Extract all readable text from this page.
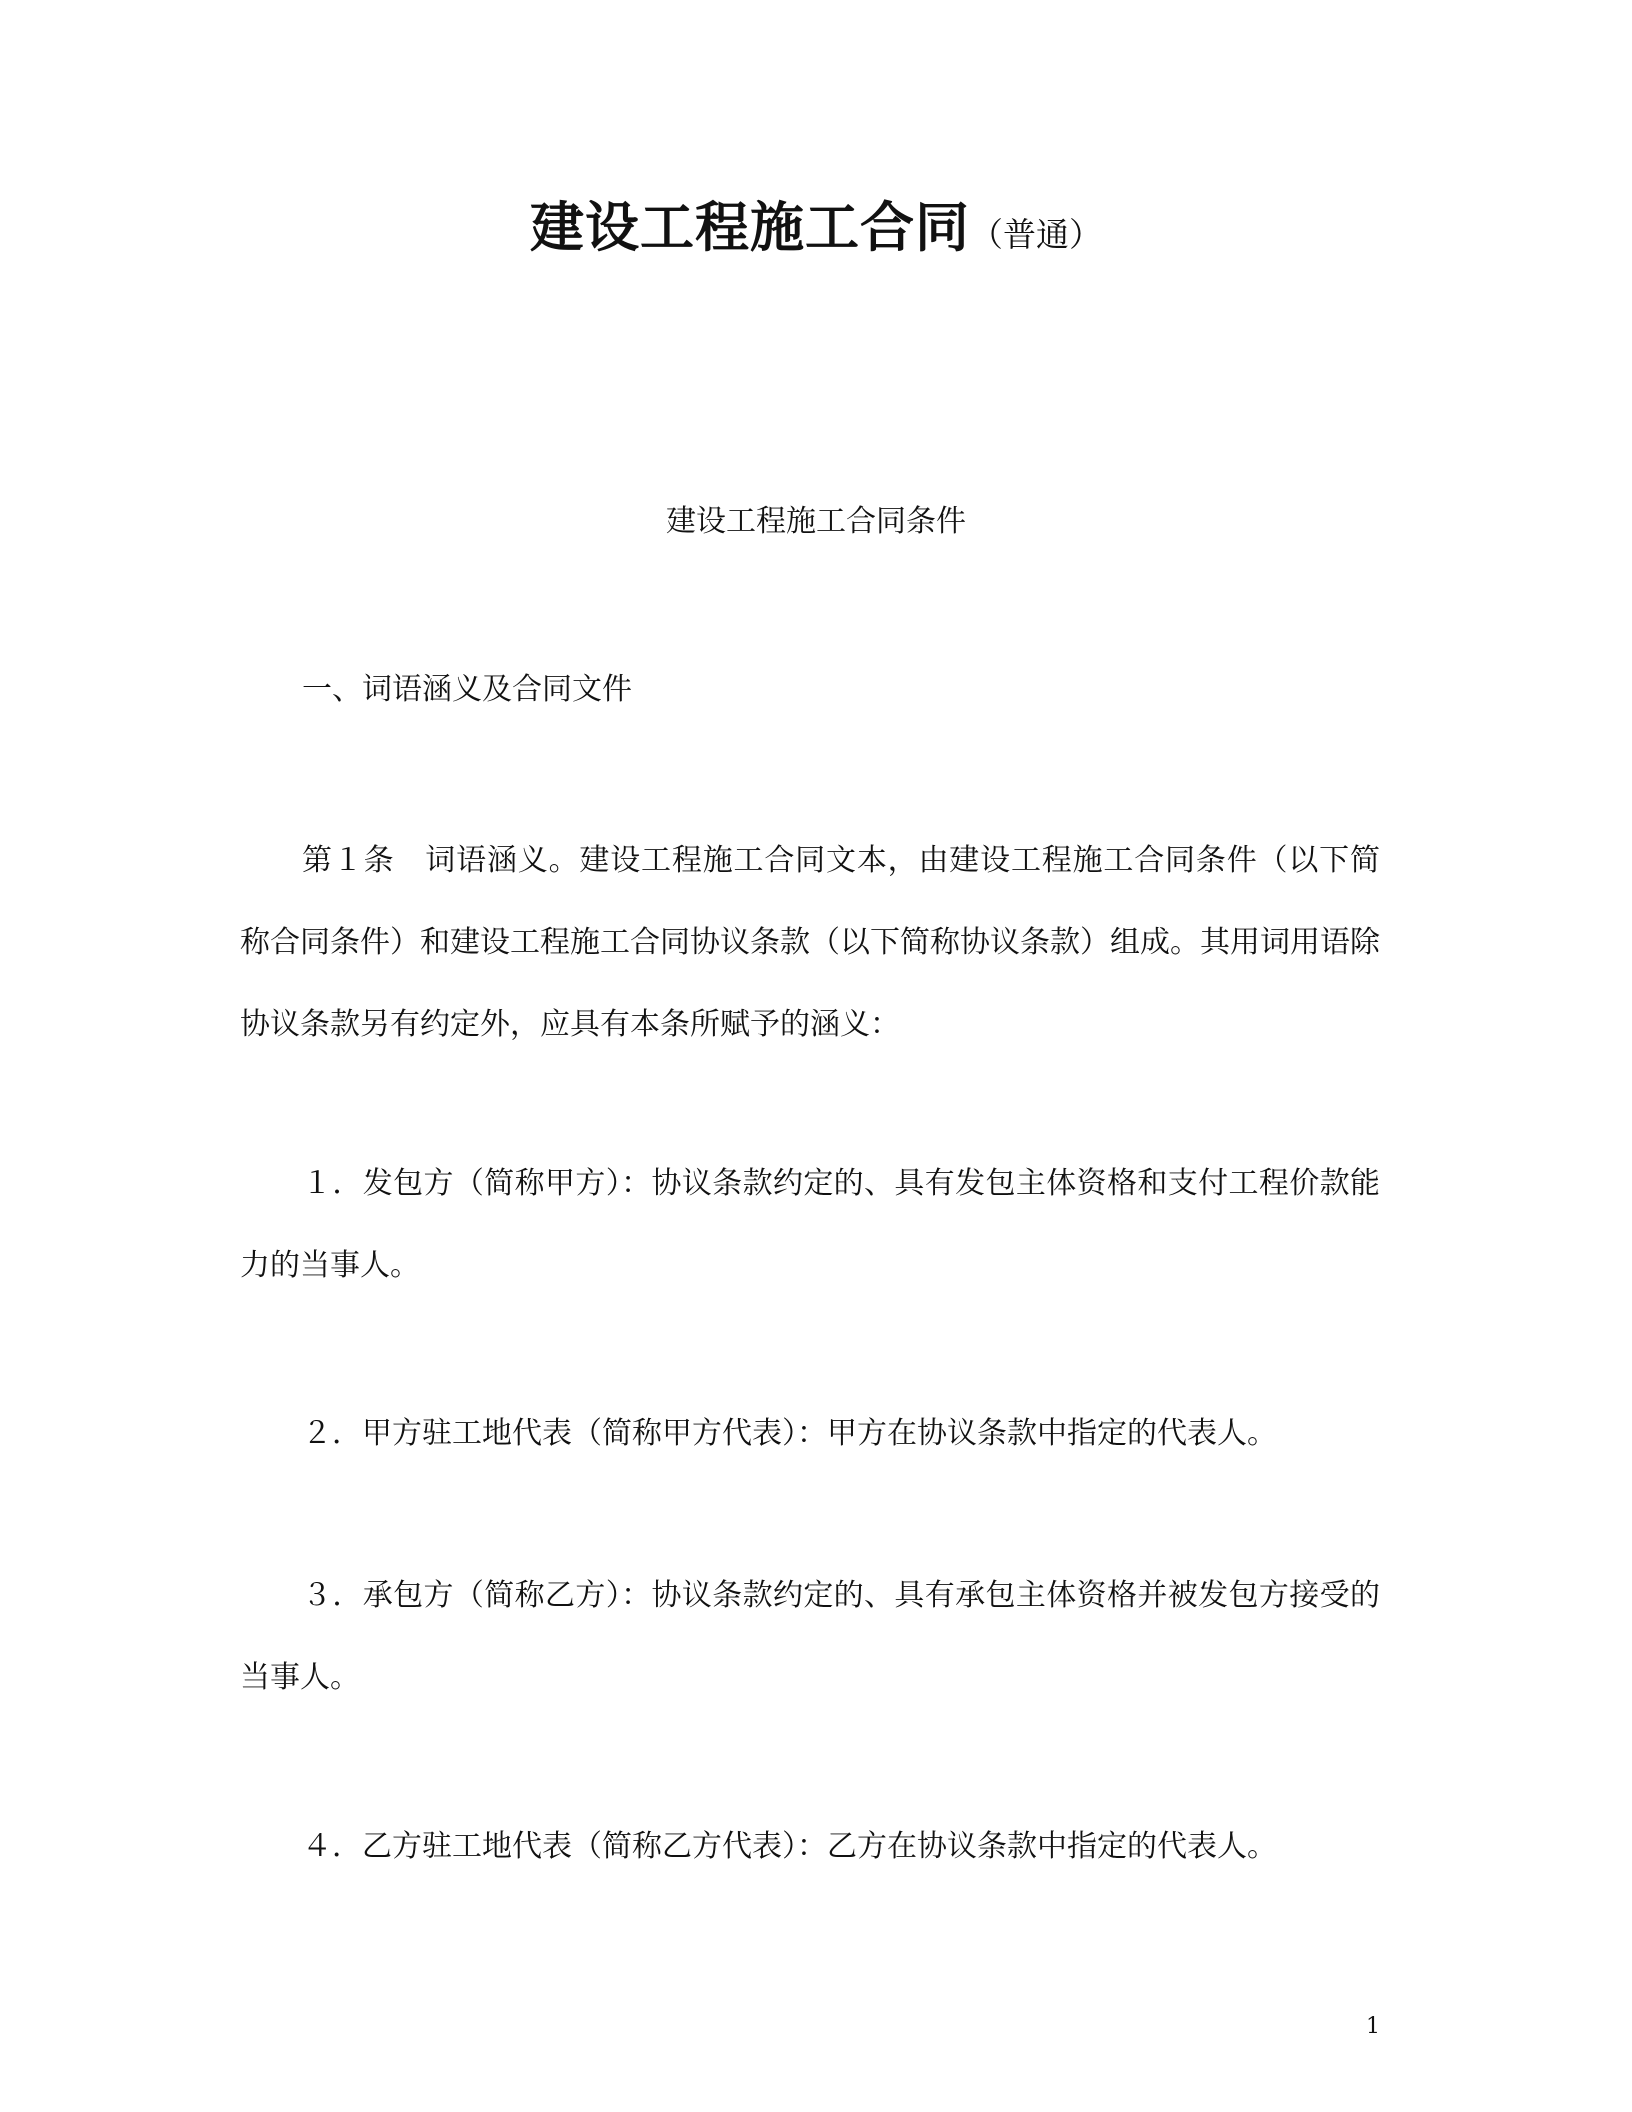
建设工程施工合同（普通）
建设工程施工合同条件
一、词语涵义及合同文件

第１条　词语涵义。建设工程施工合同文本，由建设工程施工合同条件（以下简称合同条件）和建设工程施工合同协议条款（以下简称协议条款）组成。其用词用语除协议条款另有约定外，应具有本条所赋予的涵义：

１．发包方（简称甲方）：协议条款约定的、具有发包主体资格和支付工程价款能力的当事人。

２．甲方驻工地代表（简称甲方代表）：甲方在协议条款中指定的代表人。

３．承包方（简称乙方）：协议条款约定的、具有承包主体资格并被发包方接受的当事人。

４．乙方驻工地代表（简称乙方代表）：乙方在协议条款中指定的代表人。

1
